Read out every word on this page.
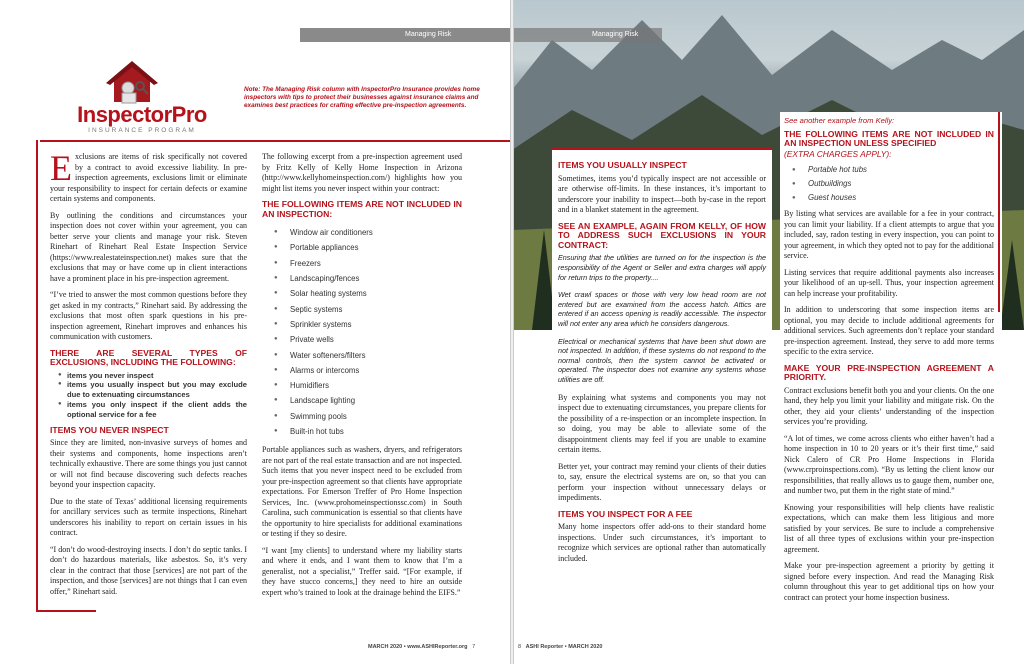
Managing Risk
InspectorPro
INSURANCE PROGRAM
Note: The Managing Risk column with InspectorPro Insurance provides home inspectors with tips to protect their businesses against insurance claims and examines best practices for crafting effective pre-inspection agreements.

Exclusions are items of risk specifically not covered by a contract to avoid excessive liability. In pre-inspection agreements, exclusions limit or eliminate your responsibility to inspect for certain defects or examine certain systems and components.

By outlining the conditions and circumstances your inspection does not cover within your agreement, you can better serve your clients and manage your risk. Steven Rinehart of Rinehart Real Estate Inspection Service (https://www.realestateinspection.net) makes sure that the exclusions that may or have come up in client interactions have a prominent place in his pre-inspection agreement.

“I’ve tried to answer the most common questions before they get asked in my contracts,” Rinehart said. By addressing the exclusions that most often spark questions in his pre-inspection agreement, Rinehart improves and enhances his communication with customers.

THERE ARE SEVERAL TYPES OF EXCLUSIONS, INCLUDING THE FOLLOWING:
● items you never inspect
● items you usually inspect but you may exclude due to extenuating circumstances
● items you only inspect if the client adds the optional service for a fee
ITEMS YOU NEVER INSPECT

Since they are limited, non-invasive surveys of homes and their systems and components, home inspections aren’t technically exhaustive. There are some things you just cannot or will not find because discovering such defects reaches beyond your inspection capacity.

Due to the state of Texas’ additional licensing requirements for ancillary services such as termite inspections, Rinehart underscores his inability to report on certain issues in his contract.

“I don’t do wood-destroying insects. I don’t do septic tanks. I don’t do hazardous materials, like asbestos. So, it’s very clear in the contract that those [services] are not part of the inspection, and those [services] are not things that I can even offer,” Rinehart said.

The following excerpt from a pre-inspection agreement used by Fritz Kelly of Kelly Home Inspection in Arizona (http://www.kellyhomeinspection.com/) highlights how you might list items you never inspect within your contract:

THE FOLLOWING ITEMS ARE NOT INCLUDED IN AN INSPECTION:
● Window air conditioners
● Portable appliances
● Freezers
● Landscaping/fences
● Solar heating systems
● Septic systems
● Sprinkler systems
● Private wells
● Water softeners/filters
● Alarms or intercoms
● Humidifiers
● Landscape lighting
● Swimming pools
● Built-in hot tubs

Portable appliances such as washers, dryers, and refrigerators are not part of the real estate transaction and are not inspected.

Such items that you never inspect need to be excluded from your pre-inspection agreement so that clients have appropriate expectations. For Emerson Treffer of Pro Home Inspection Services, Inc. (www.prohomeinspectionssc.com) in South Carolina, such communication is essential so that clients have the opportunity to hire specialists for additional examinations or testing if they so desire.

“I want [my clients] to understand where my liability starts and where it ends, and I want them to know that I’m a generalist, not a specialist,” Treffer said. “[For example, if they have stucco concerns,] they need to hire an outside expert who’s trained to look at the drainage behind the EIFS.”

MARCH 2020 • www.ASHIReporter.org 7
Managing Risk
ITEMS YOU USUALLY INSPECT

Sometimes, items you’d typically inspect are not accessible or are otherwise off-limits. In these instances, it’s important to underscore your inability to inspect—both by-case in the report and in a blanket statement in the agreement.

SEE AN EXAMPLE, AGAIN FROM KELLY, OF HOW TO ADDRESS SUCH EXCLUSIONS IN YOUR CONTRACT:
Ensuring that the utilities are turned on for the inspection is the responsibility of the Agent or Seller and extra charges will apply for return trips to the property....
Wet crawl spaces or those with very low head room are not entered but are examined from the access hatch. Attics are entered if an access opening is readily accessible. The inspector will not enter any area which he considers dangerous.
Electrical or mechanical systems that have been shut down are not inspected. In addition, if these systems do not respond to the normal controls, then the system cannot be activated or operated. The inspector does not examine any systems whose utilities are off.

By explaining what systems and components you may not inspect due to extenuating circumstances, you prepare clients for the possibility of a re-inspection or an incomplete inspection. In so doing, you may be able to alleviate some of the disappointment clients may feel if you are unable to examine certain items.

Better yet, your contract may remind your clients of their duties to, say, ensure the electrical systems are on, so that you can perform your inspection without unnecessary delays or impediments.

ITEMS YOU INSPECT FOR A FEE

Many home inspectors offer add-ons to their standard home inspections. Under such circumstances, it’s important to recognize which services are optional rather than automatically included.

See another example from Kelly:
THE FOLLOWING ITEMS ARE NOT INCLUDED IN AN INSPECTION UNLESS SPECIFIED
(EXTRA CHARGES APPLY):
● Portable hot tubs
● Outbuildings
● Guest houses

By listing what services are available for a fee in your contract, you can limit your liability. If a client attempts to argue that you included, say, radon testing in every inspection, you can point to your agreement, in which they opted not to pay for the additional service.

Listing services that require additional payments also increases your likelihood of an up-sell. Thus, your inspection agreement can help increase your profitability.

In addition to underscoring that some inspection items are optional, you may decide to include additional agreements for additional services. Such agreements don’t replace your standard pre-inspection agreement. Instead, they serve to add more terms specific to the extra service.

MAKE YOUR PRE-INSPECTION AGREEMENT A PRIORITY.

Contract exclusions benefit both you and your clients. On the one hand, they help you limit your liability and mitigate risk. On the other, they aid your clients’ understanding of the inspection services you’re providing.

“A lot of times, we come across clients who either haven’t had a home inspection in 10 to 20 years or it’s their first time,” said Nick Calero of CR Pro Home Inspections in Florida (www.crproinspections.com). “By us letting the client know our responsibilities, that really allows us to gauge them, number one, and number two, put them in the right state of mind.”

Knowing your responsibilities will help clients have realistic expectations, which can make them less litigious and more satisfied by your services. Be sure to include a comprehensive list of all three types of exclusions within your pre-inspection agreement.

Make your pre-inspection agreement a priority by getting it signed before every inspection. And read the Managing Risk column throughout this year to get additional tips on how your contract can protect your home inspection business.

8 ASHI Reporter • MARCH 2020
